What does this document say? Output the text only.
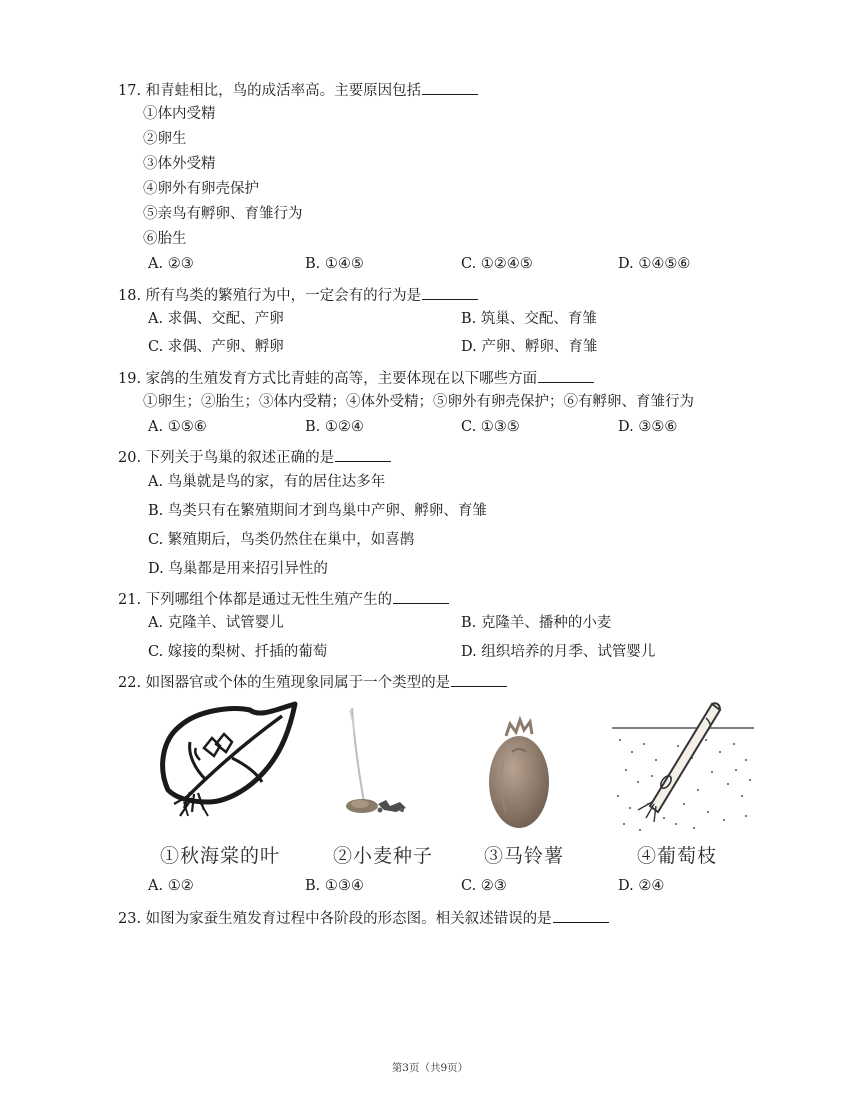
17. 和青蛙相比，鸟的成活率高。主要原因包括
①体内受精
②卵生
③体外受精
④卵外有卵壳保护
⑤亲鸟有孵卵、育雏行为
⑥胎生
A. ②③	B. ①④⑤	C. ①②④⑤	D. ①④⑤⑥
18. 所有鸟类的繁殖行为中，一定会有的行为是
A. 求偶、交配、产卵	B. 筑巢、交配、育雏
C. 求偶、产卵、孵卵	D. 产卵、孵卵、育雏
19. 家鸽的生殖发育方式比青蛙的高等，主要体现在以下哪些方面
①卵生；②胎生；③体内受精；④体外受精；⑤卵外有卵壳保护；⑥有孵卵、育雏行为
A. ①⑤⑥	B. ①②④	C. ①③⑤	D. ③⑤⑥
20. 下列关于鸟巢的叙述正确的是
A. 鸟巢就是鸟的家，有的居住达多年
B. 鸟类只有在繁殖期间才到鸟巢中产卵、孵卵、育雏
C. 繁殖期后，鸟类仍然住在巢中，如喜鹊
D. 鸟巢都是用来招引异性的
21. 下列哪组个体都是通过无性生殖产生的
A. 克隆羊、试管婴儿	B. 克隆羊、播种的小麦
C. 嫁接的梨树、扦插的葡萄	D. 组织培养的月季、试管婴儿
22. 如图器官或个体的生殖现象同属于一个类型的是
①秋海棠的叶	②小麦种子	③马铃薯	④葡萄枝
A. ①②	B. ①③④	C. ②③	D. ②④
23. 如图为家蚕生殖发育过程中各阶段的形态图。相关叙述错误的是
第3页（共9页）
